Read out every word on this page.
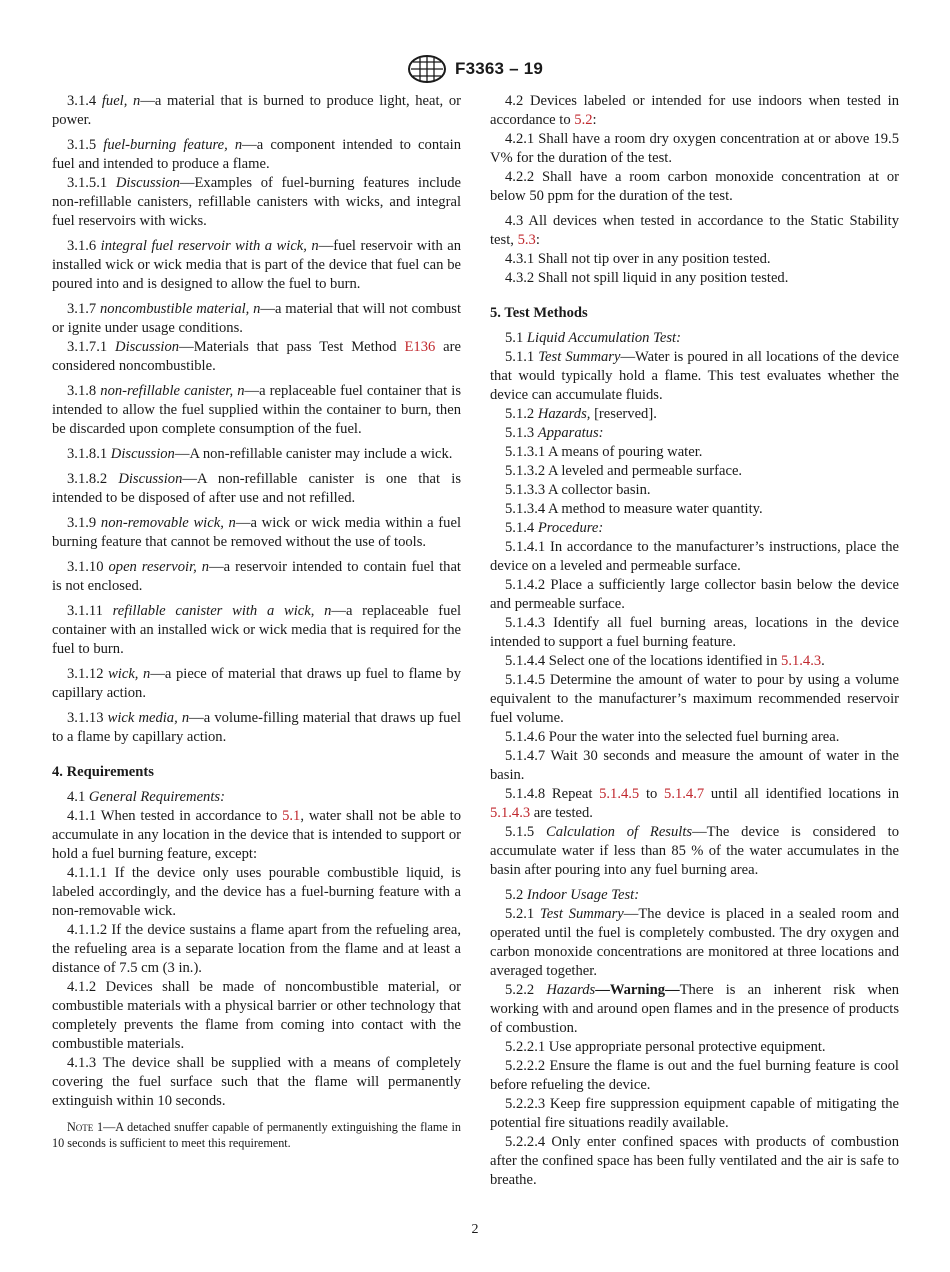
F3363 – 19

3.1.4 fuel, n—a material that is burned to produce light, heat, or power.

3.1.5 fuel-burning feature, n—a component intended to contain fuel and intended to produce a flame.

3.1.5.1 Discussion—Examples of fuel-burning features include non-refillable canisters, refillable canisters with wicks, and integral fuel reservoirs with wicks.

3.1.6 integral fuel reservoir with a wick, n—fuel reservoir with an installed wick or wick media that is part of the device that fuel can be poured into and is designed to allow the fuel to burn.

3.1.7 noncombustible material, n—a material that will not combust or ignite under usage conditions.

3.1.7.1 Discussion—Materials that pass Test Method E136 are considered noncombustible.

3.1.8 non-refillable canister, n—a replaceable fuel container that is intended to allow the fuel supplied within the container to burn, then be discarded upon complete consumption of the fuel.

3.1.8.1 Discussion—A non-refillable canister may include a wick.

3.1.8.2 Discussion—A non-refillable canister is one that is intended to be disposed of after use and not refilled.

3.1.9 non-removable wick, n—a wick or wick media within a fuel burning feature that cannot be removed without the use of tools.

3.1.10 open reservoir, n—a reservoir intended to contain fuel that is not enclosed.

3.1.11 refillable canister with a wick, n—a replaceable fuel container with an installed wick or wick media that is required for the fuel to burn.

3.1.12 wick, n—a piece of material that draws up fuel to flame by capillary action.

3.1.13 wick media, n—a volume-filling material that draws up fuel to a flame by capillary action.

4. Requirements

4.1 General Requirements:

4.1.1 When tested in accordance to 5.1, water shall not be able to accumulate in any location in the device that is intended to support or hold a fuel burning feature, except:

4.1.1.1 If the device only uses pourable combustible liquid, is labeled accordingly, and the device has a fuel-burning feature with a non-removable wick.

4.1.1.2 If the device sustains a flame apart from the refueling area, the refueling area is a separate location from the flame and at least a distance of 7.5 cm (3 in.).

4.1.2 Devices shall be made of noncombustible material, or combustible materials with a physical barrier or other technology that completely prevents the flame from coming into contact with the combustible materials.

4.1.3 The device shall be supplied with a means of completely covering the fuel surface such that the flame will permanently extinguish within 10 seconds.

Note 1—A detached snuffer capable of permanently extinguishing the flame in 10 seconds is sufficient to meet this requirement.

4.2 Devices labeled or intended for use indoors when tested in accordance to 5.2:

4.2.1 Shall have a room dry oxygen concentration at or above 19.5 V% for the duration of the test.

4.2.2 Shall have a room carbon monoxide concentration at or below 50 ppm for the duration of the test.

4.3 All devices when tested in accordance to the Static Stability test, 5.3:

4.3.1 Shall not tip over in any position tested.

4.3.2 Shall not spill liquid in any position tested.

5. Test Methods

5.1 Liquid Accumulation Test:

5.1.1 Test Summary—Water is poured in all locations of the device that would typically hold a flame. This test evaluates whether the device can accumulate fluids.

5.1.2 Hazards, [reserved].

5.1.3 Apparatus:

5.1.3.1 A means of pouring water.

5.1.3.2 A leveled and permeable surface.

5.1.3.3 A collector basin.

5.1.3.4 A method to measure water quantity.

5.1.4 Procedure:

5.1.4.1 In accordance to the manufacturer’s instructions, place the device on a leveled and permeable surface.

5.1.4.2 Place a sufficiently large collector basin below the device and permeable surface.

5.1.4.3 Identify all fuel burning areas, locations in the device intended to support a fuel burning feature.

5.1.4.4 Select one of the locations identified in 5.1.4.3.

5.1.4.5 Determine the amount of water to pour by using a volume equivalent to the manufacturer’s maximum recommended reservoir fuel volume.

5.1.4.6 Pour the water into the selected fuel burning area.

5.1.4.7 Wait 30 seconds and measure the amount of water in the basin.

5.1.4.8 Repeat 5.1.4.5 to 5.1.4.7 until all identified locations in 5.1.4.3 are tested.

5.1.5 Calculation of Results—The device is considered to accumulate water if less than 85 % of the water accumulates in the basin after pouring into any fuel burning area.

5.2 Indoor Usage Test:

5.2.1 Test Summary—The device is placed in a sealed room and operated until the fuel is completely combusted. The dry oxygen and carbon monoxide concentrations are monitored at three locations and averaged together.

5.2.2 Hazards—Warning—There is an inherent risk when working with and around open flames and in the presence of products of combustion.

5.2.2.1 Use appropriate personal protective equipment.

5.2.2.2 Ensure the flame is out and the fuel burning feature is cool before refueling the device.

5.2.2.3 Keep fire suppression equipment capable of mitigating the potential fire situations readily available.

5.2.2.4 Only enter confined spaces with products of combustion after the confined space has been fully ventilated and the air is safe to breathe.

2
